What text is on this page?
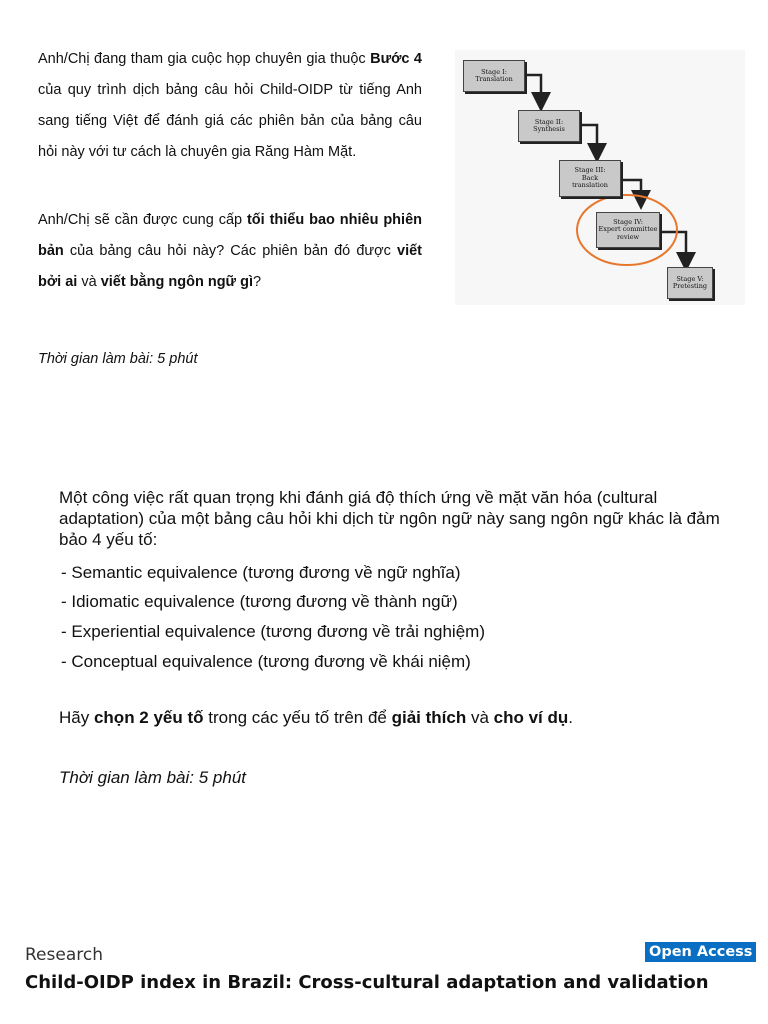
Anh/Chị đang tham gia cuộc họp chuyên gia thuộc Bước 4 của quy trình dịch bảng câu hỏi Child-OIDP từ tiếng Anh sang tiếng Việt để đánh giá các phiên bản của bảng câu hỏi này với tư cách là chuyên gia Răng Hàm Mặt.
Anh/Chị sẽ cần được cung cấp tối thiểu bao nhiêu phiên bản của bảng câu hỏi này? Các phiên bản đó được viết bởi ai và viết bằng ngôn ngữ gì?
Thời gian làm bài: 5 phút
Stage I:
Translation
Stage II:
Synthesis
Stage III:
Back
translation
Stage IV:
Expert committee
review
Stage V:
Pretesting
Một công việc rất quan trọng khi đánh giá độ thích ứng về mặt văn hóa (cultural adaptation) của một bảng câu hỏi khi dịch từ ngôn ngữ này sang ngôn ngữ khác là đảm bảo 4 yếu tố:
- Semantic equivalence (tương đương về ngữ nghĩa)
- Idiomatic equivalence (tương đương về thành ngữ)
- Experiential equivalence (tương đương về trải nghiệm)
- Conceptual equivalence (tương đương về khái niệm)
Hãy chọn 2 yếu tố trong các yếu tố trên để giải thích và cho ví dụ.
Thời gian làm bài: 5 phút
Research	Open Access
Child-OIDP index in Brazil: Cross-cultural adaptation and validation
